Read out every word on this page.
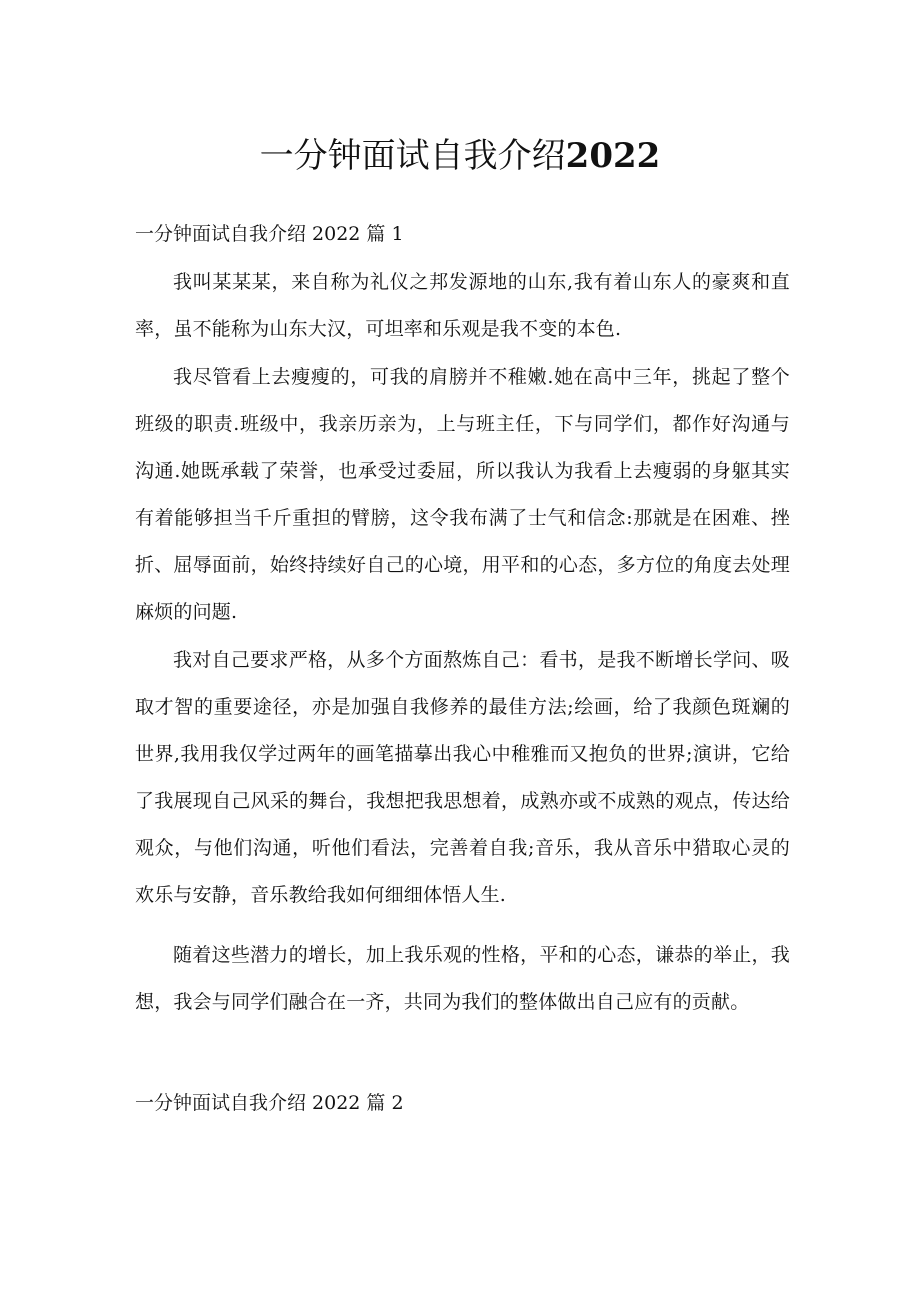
一分钟面试自我介绍2022
一分钟面试自我介绍 2022 篇 1

我叫某某某，来自称为礼仪之邦发源地的山东,我有着山东人的豪爽和直率，虽不能称为山东大汉，可坦率和乐观是我不变的本色.

我尽管看上去瘦瘦的，可我的肩膀并不稚嫩.她在高中三年，挑起了整个班级的职责.班级中，我亲历亲为，上与班主任，下与同学们，都作好沟通与沟通.她既承载了荣誉，也承受过委屈，所以我认为我看上去瘦弱的身躯其实有着能够担当千斤重担的臂膀，这令我布满了士气和信念:那就是在困难、挫折、屈辱面前，始终持续好自己的心境，用平和的心态，多方位的角度去处理麻烦的问题.

我对自己要求严格，从多个方面熬炼自己：看书，是我不断增长学问、吸取才智的重要途径，亦是加强自我修养的最佳方法;绘画，给了我颜色斑斓的世界,我用我仅学过两年的画笔描摹出我心中稚雅而又抱负的世界;演讲，它给了我展现自己风采的舞台，我想把我思想着，成熟亦或不成熟的观点，传达给观众，与他们沟通，听他们看法，完善着自我;音乐，我从音乐中猎取心灵的欢乐与安静，音乐教给我如何细细体悟人生.

随着这些潜力的增长，加上我乐观的性格，平和的心态，谦恭的举止，我想，我会与同学们融合在一齐，共同为我们的整体做出自己应有的贡献。

一分钟面试自我介绍 2022 篇 2
